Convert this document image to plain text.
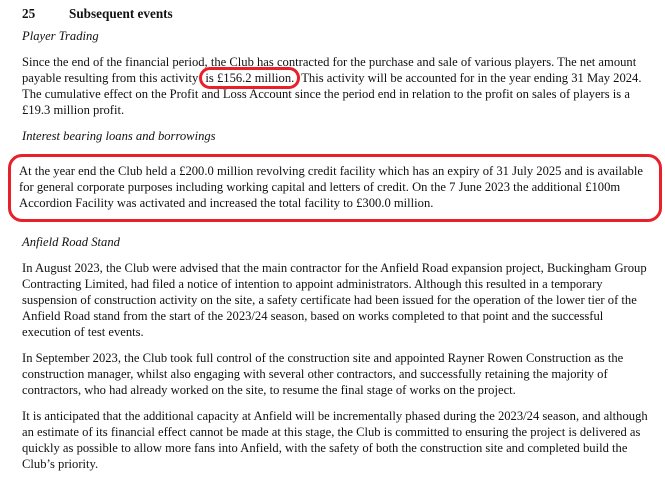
25	Subsequent events
Player Trading

Since the end of the financial period, the Club has contracted for the purchase and sale of various players. The net amount payable resulting from this activity is £156.2 million. This activity will be accounted for in the year ending 31 May 2024. The cumulative effect on the Profit and Loss Account since the period end in relation to the profit on sales of players is a £19.3 million profit.

Interest bearing loans and borrowings

At the year end the Club held a £200.0 million revolving credit facility which has an expiry of 31 July 2025 and is available for general corporate purposes including working capital and letters of credit. On the 7 June 2023 the additional £100m Accordion Facility was activated and increased the total facility to £300.0 million.

Anfield Road Stand

In August 2023, the Club were advised that the main contractor for the Anfield Road expansion project, Buckingham Group Contracting Limited, had filed a notice of intention to appoint administrators. Although this resulted in a temporary suspension of construction activity on the site, a safety certificate had been issued for the operation of the lower tier of the Anfield Road stand from the start of the 2023/24 season, based on works completed to that point and the successful execution of test events.

In September 2023, the Club took full control of the construction site and appointed Rayner Rowen Construction as the construction manager, whilst also engaging with several other contractors, and successfully retaining the majority of contractors, who had already worked on the site, to resume the final stage of works on the project.

It is anticipated that the additional capacity at Anfield will be incrementally phased during the 2023/24 season, and although an estimate of its financial effect cannot be made at this stage, the Club is committed to ensuring the project is delivered as quickly as possible to allow more fans into Anfield, with the safety of both the construction site and completed build the Club’s priority.
